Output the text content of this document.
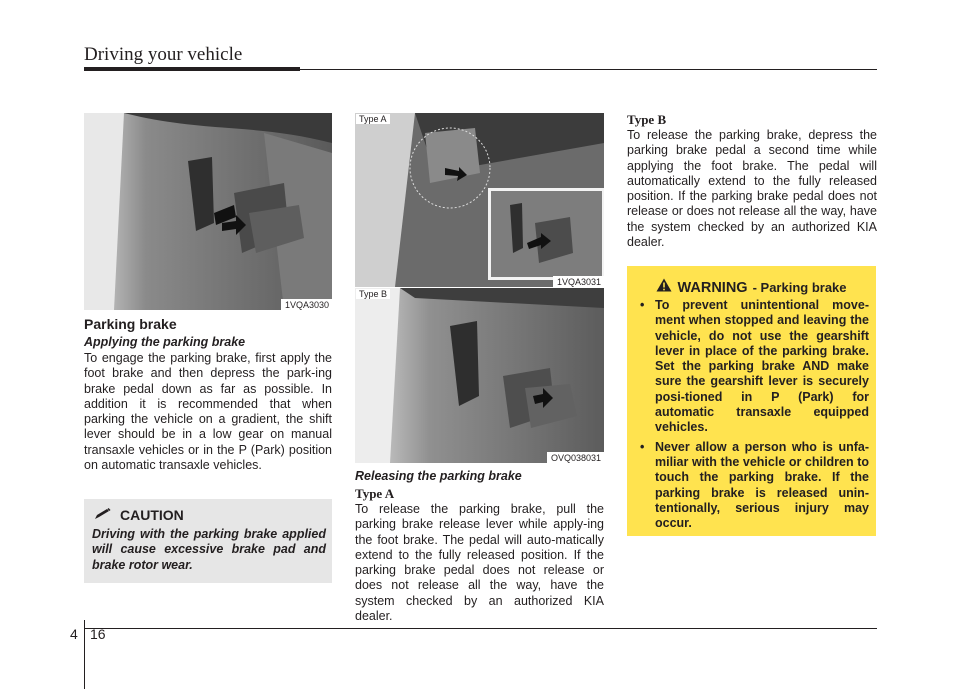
Driving your vehicle
1VQA3030
Type A
1VQA3031
Type B
OVQ038031
Parking brake
Applying the parking brake
To engage the parking brake, first apply the foot brake and then depress the park-ing brake pedal down as far as possible. In addition it is recommended that when parking the vehicle on a gradient, the shift lever should be in a low gear on manual transaxle vehicles or in the P (Park) position on automatic transaxle vehicles.
CAUTION
Driving with the parking brake applied will cause excessive brake pad and brake rotor wear.
Releasing the parking brake
Type A
To release the parking brake, pull the parking brake release lever while apply-ing the foot brake. The pedal will auto-matically extend to the fully released position. If the parking brake pedal does not release or does not release all the way, have the system checked by an authorized KIA dealer.
Type B
To release the parking brake, depress the parking brake pedal a second time while applying the foot brake. The pedal will automatically extend to the fully released position. If the parking brake pedal does not release or does not release all the way, have the system checked by an authorized KIA dealer.
WARNING - Parking brake
• To prevent unintentional move-ment when stopped and leaving the vehicle, do not use the gearshift lever in place of the parking brake. Set the parking brake AND make sure the gearshift lever is securely posi-tioned in P (Park) for automatic transaxle equipped vehicles.
• Never allow a person who is unfa-miliar with the vehicle or children to touch the parking brake. If the parking brake is released unin-tentionally, serious injury may occur.
4 16
